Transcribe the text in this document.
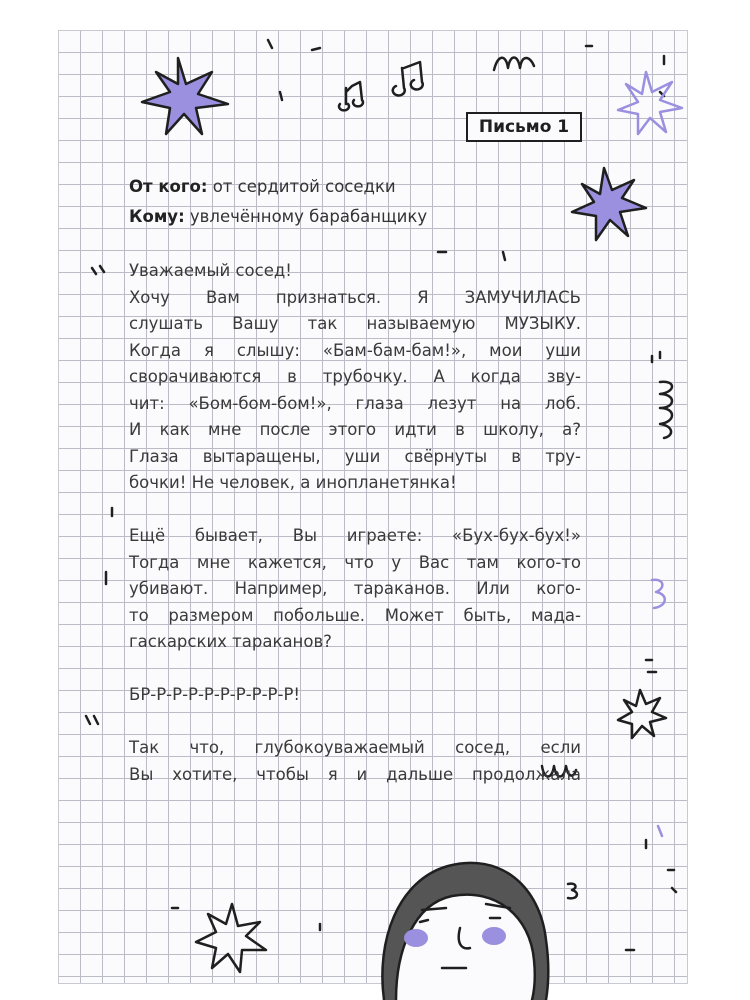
Письмо 1
От кого: от сердитой соседки
Кому: увлечённому барабанщику
Уважаемый сосед!
Хочу Вам признаться. Я ЗАМУЧИЛАСЬ
слушать Вашу так называемую МУЗЫКУ.
Когда я слышу: «Бам-бам-бам!», мои уши
сворачиваются в трубочку. А когда зву-
чит: «Бом-бом-бом!», глаза лезут на лоб.
И как мне после этого идти в школу, а?
Глаза вытаращены, уши свёрнуты в тру-
бочки! Не человек, а инопланетянка!
Ещё бывает, Вы играете: «Бух-бух-бух!»
Тогда мне кажется, что у Вас там кого-то
убивают. Например, тараканов. Или кого-
то размером побольше. Может быть, мада-
гаскарских тараканов?
БР-Р-Р-Р-Р-Р-Р-Р-Р-Р!
Так что, глубокоуважаемый сосед, если
Вы хотите, чтобы я и дальше продолжала
